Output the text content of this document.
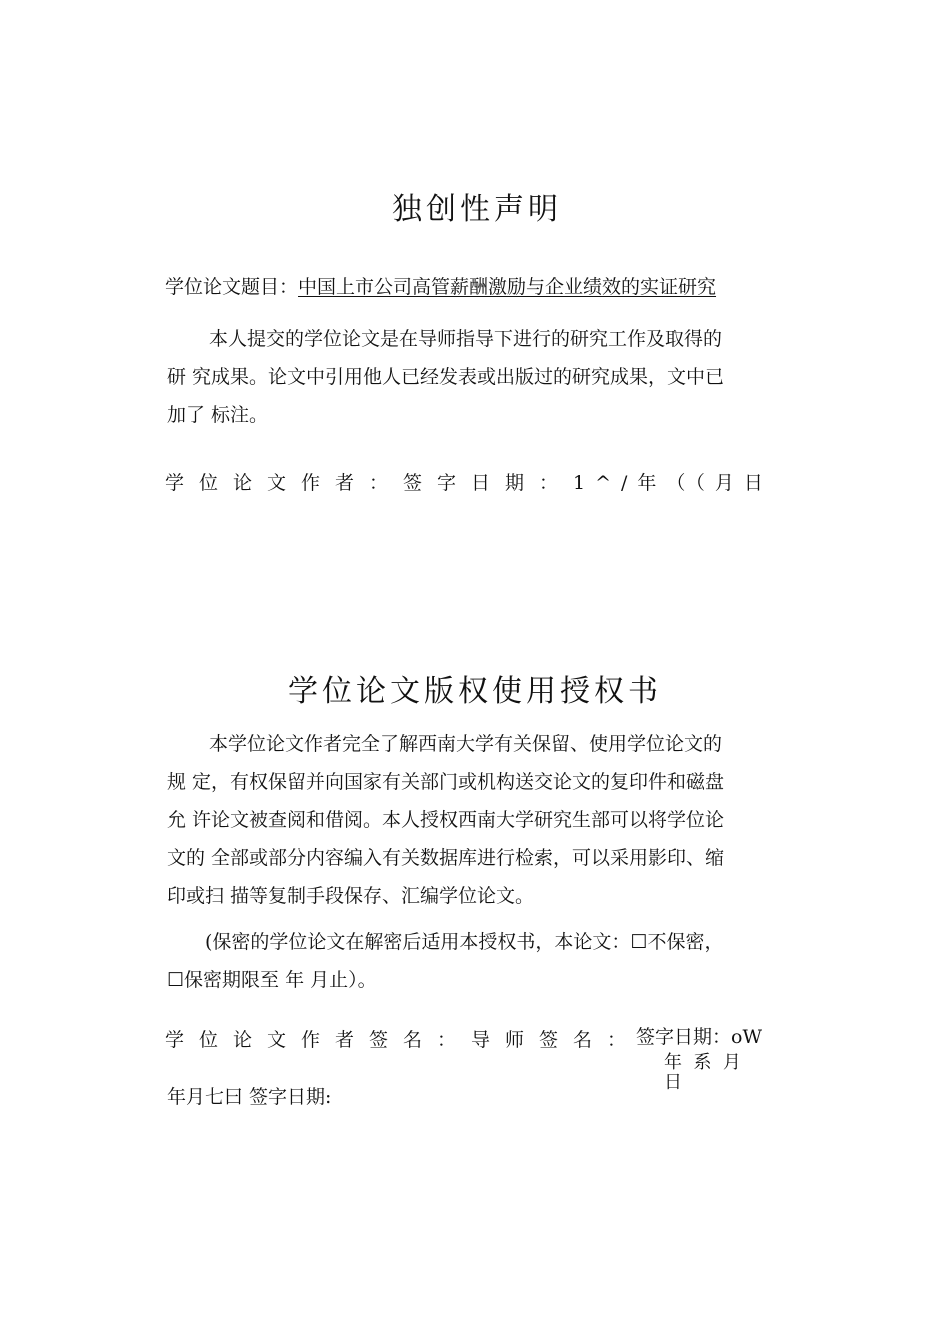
独创性声明
学位论文题目：中国上市公司高管薪酬激励与企业绩效的实证研究
本人提交的学位论文是在导师指导下进行的研究工作及取得的
研 究成果。论文中引用他人已经发表或出版过的研究成果，文中已
加了 标注。
学位论文作者：签字日期：1^/年（（月日
学位论文版权使用授权书
本学位论文作者完全了解西南大学有关保留、使用学位论文的
规 定，有权保留并向国家有关部门或机构送交论文的复印件和磁盘
允 许论文被查阅和借阅。本人授权西南大学研究生部可以将学位论
文的 全部或部分内容编入有关数据库进行检索，可以采用影印、缩
印或扫 描等复制手段保存、汇编学位论文。
(保密的学位论文在解密后适用本授权书，本论文：☐不保密，
☐保密期限至 年 月止）。
学位论文作者签名：导师签名：
签字日期：oW
年  系  月
日
年月七曰 签字日期:
